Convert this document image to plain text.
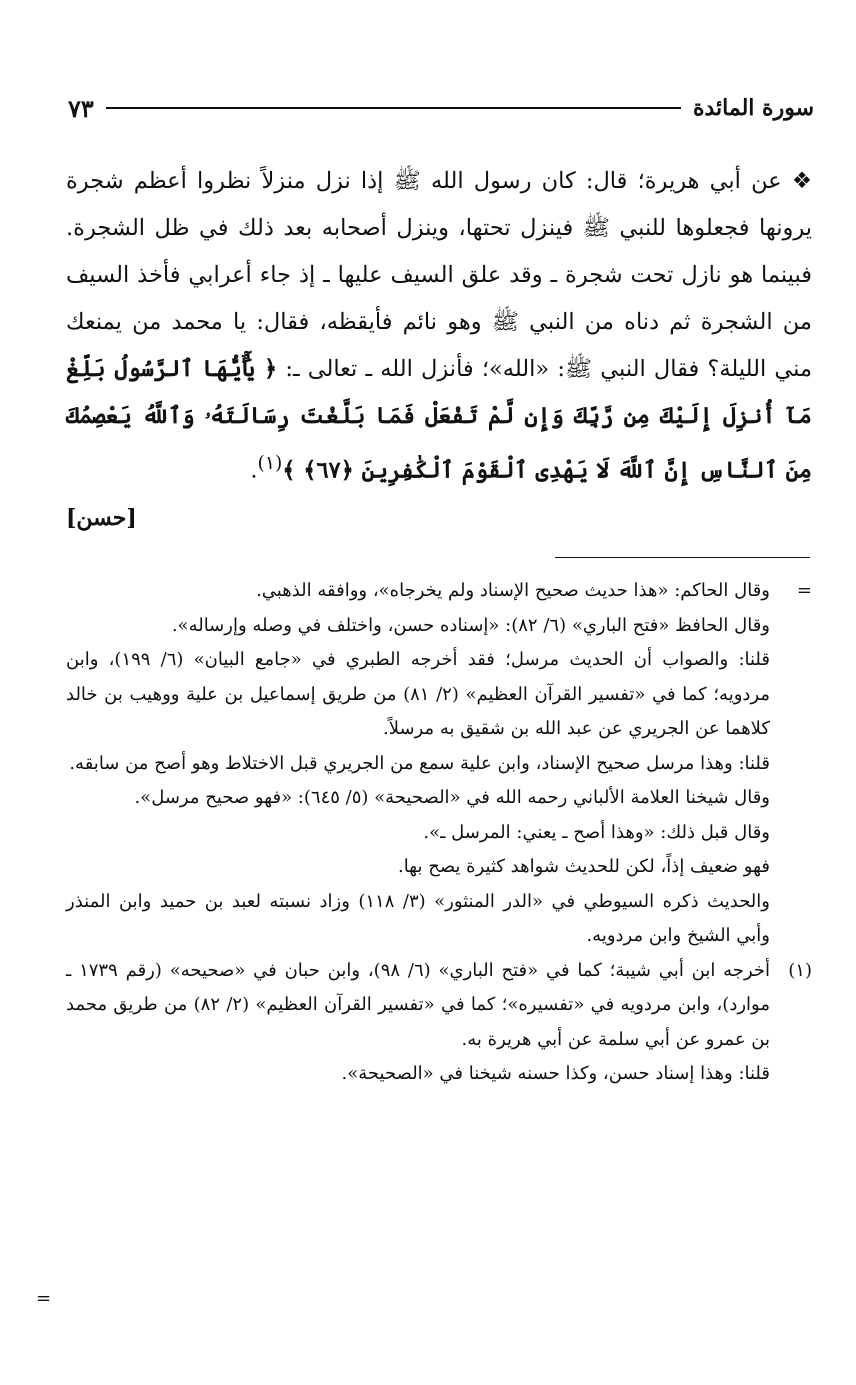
سورة المائدة
٧٣

❖ عن أبي هريرة؛ قال: كان رسول الله ﷺ إذا نزل منزلاً نظروا أعظم شجرة يرونها فجعلوها للنبي ﷺ فينزل تحتها، وينزل أصحابه بعد ذلك في ظل الشجرة. فبينما هو نازل تحت شجرة ـ وقد علق السيف عليها ـ إذ جاء أعرابي فأخذ السيف من الشجرة ثم دناه من النبي ﷺ وهو نائم فأيقظه، فقال: يا محمد من يمنعك مني الليلة؟ فقال النبي ﷺ: «الله»؛ فأنزل الله ـ تعالى ـ: ﴿ يَٰٓأَيُّهَا ٱلرَّسُولُ بَلِّغْ مَآ أُنزِلَ إِلَيْكَ مِن رَّبِّكَ وَإِن لَّمْ تَفْعَلْ فَمَا بَلَّغْتَ رِسَالَتَهُۥ وَٱللَّهُ يَعْصِمُكَ مِنَ ٱلنَّاسِ إِنَّ ٱللَّهَ لَا يَهْدِى ٱلْقَوْمَ ٱلْكَٰفِرِينَ ﴿٦٧﴾ ﴾$^{(١)}$.

[حسن]
=

وقال الحاكم: «هذا حديث صحيح الإسناد ولم يخرجاه»، ووافقه الذهبي.

وقال الحافظ «فتح الباري» (٦/ ٨٢): «إسناده حسن، واختلف في وصله وإرساله».

قلنا: والصواب أن الحديث مرسل؛ فقد أخرجه الطبري في «جامع البيان» (٦/ ١٩٩)، وابن مردويه؛ كما في «تفسير القرآن العظيم» (٢/ ٨١) من طريق إسماعيل بن علية ووهيب بن خالد كلاهما عن الجريري عن عبد الله بن شقيق به مرسلاً.

قلنا: وهذا مرسل صحيح الإسناد، وابن علية سمع من الجريري قبل الاختلاط وهو أصح من سابقه.

وقال شيخنا العلامة الألباني رحمه الله في «الصحيحة» (٥/ ٦٤٥): «فهو صحيح مرسل».

وقال قبل ذلك: «وهذا أصح ـ يعني: المرسل ـ».

فهو ضعيف إذاً، لكن للحديث شواهد كثيرة يصح بها.

والحديث ذكره السيوطي في «الدر المنثور» (٣/ ١١٨) وزاد نسبته لعبد بن حميد وابن المنذر وأبي الشيخ وابن مردويه.

(١)

أخرجه ابن أبي شيبة؛ كما في «فتح الباري» (٦/ ٩٨)، وابن حبان في «صحيحه» (رقم ١٧٣٩ ـ موارد)، وابن مردويه في «تفسيره»؛ كما في «تفسير القرآن العظيم» (٢/ ٨٢) من طريق محمد بن عمرو عن أبي سلمة عن أبي هريرة به.

قلنا: وهذا إسناد حسن، وكذا حسنه شيخنا في «الصحيحة».

=
